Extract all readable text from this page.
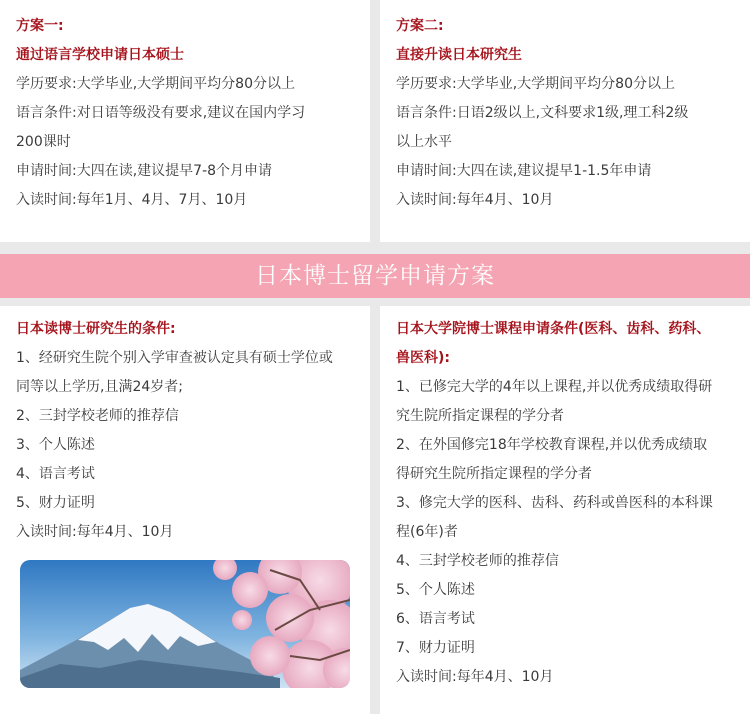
方案一:
通过语言学校申请日本硕士
学历要求:大学毕业,大学期间平均分80分以上
语言条件:对日语等级没有要求,建议在国内学习
200课时
申请时间:大四在读,建议提早7-8个月申请
入读时间:每年1月、4月、7月、10月
方案二:
直接升读日本研究生
学历要求:大学毕业,大学期间平均分80分以上
语言条件:日语2级以上,文科要求1级,理工科2级
以上水平
申请时间:大四在读,建议提早1-1.5年申请
入读时间:每年4月、10月
日本博士留学申请方案
日本读博士研究生的条件:
1、经研究生院个别入学审查被认定具有硕士学位或
同等以上学历,且满24岁者;
2、三封学校老师的推荐信
3、个人陈述
4、语言考试
5、财力证明
入读时间:每年4月、10月
日本大学院博士课程申请条件(医科、齿科、药科、
兽医科):
1、已修完大学的4年以上课程,并以优秀成绩取得研
究生院所指定课程的学分者
2、在外国修完18年学校教育课程,并以优秀成绩取
得研究生院所指定课程的学分者
3、修完大学的医科、齿科、药科或兽医科的本科课
程(6年)者
4、三封学校老师的推荐信
5、个人陈述
6、语言考试
7、财力证明
入读时间:每年4月、10月
